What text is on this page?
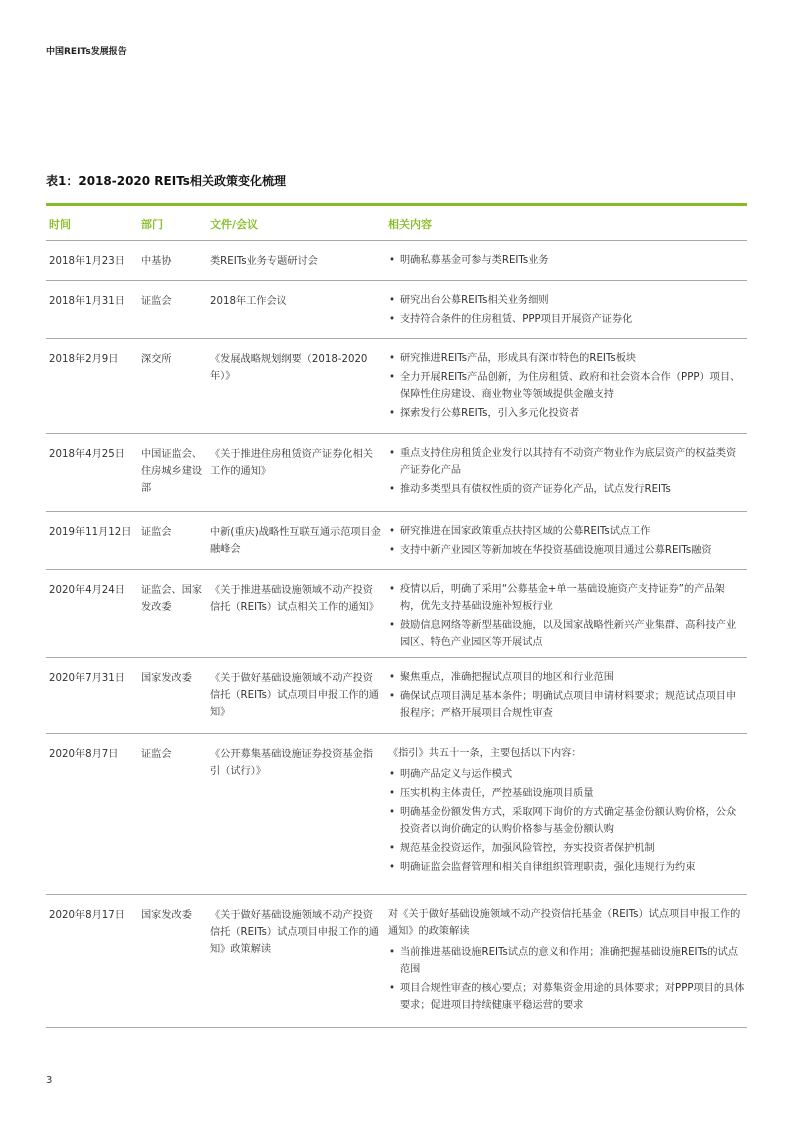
中国REITs发展报告
表1：2018-2020 REITs相关政策变化梳理
时间	部门	文件/会议	相关内容
2018年1月23日	中基协	类REITs业务专题研讨会	• 明确私募基金可参与类REITs业务
2018年1月31日	证监会	2018年工作会议	• 研究出台公募REITs相关业务细则
• 支持符合条件的住房租赁、PPP项目开展资产证券化
2018年2月9日	深交所	《发展战略规划纲要（2018-2020年）》
• 研究推进REITs产品，形成具有深市特色的REITs板块
• 全力开展REITs产品创新，为住房租赁、政府和社会资本合作（PPP）项目、保障性住房建设、商业物业等领域提供金融支持
• 探索发行公募REITs，引入多元化投资者
2018年4月25日	中国证监会、住房城乡建设部
《关于推进住房租赁资产证券化相关工作的通知》
• 重点支持住房租赁企业发行以其持有不动资产物业作为底层资产的权益类资产证券化产品
• 推动多类型具有债权性质的资产证券化产品，试点发行REITs
2019年11月12日 证监会	中新(重庆)战略性互联互通示范项目金融峰会
• 研究推进在国家政策重点扶持区域的公募REITs试点工作
• 支持中新产业园区等新加坡在华投资基础设施项目通过公募REITs融资
2020年4月24日	证监会、国家发改委
《关于推进基础设施领域不动产投资信托（REITs）试点相关工作的通知》
• 疫情以后，明确了采用“公募基金+单一基础设施资产支持证券”的产品架构，优先支持基础设施补短板行业
• 鼓励信息网络等新型基础设施，以及国家战略性新兴产业集群、高科技产业园区、特色产业园区等开展试点
2020年7月31日	国家发改委	《关于做好基础设施领域不动产投资信托（REITs）试点项目申报工作的通知》
• 聚焦重点，准确把握试点项目的地区和行业范围
• 确保试点项目满足基本条件；明确试点项目申请材料要求；规范试点项目申报程序；严格开展项目合规性审查
2020年8月7日	证监会	《公开募集基础设施证券投资基金指引（试行）》

《指引》共五十一条，主要包括以下内容：

• 明确产品定义与运作模式
• 压实机构主体责任，严控基础设施项目质量
• 明确基金份额发售方式，采取网下询价的方式确定基金份额认购价格，公众投资者以询价确定的认购价格参与基金份额认购
• 规范基金投资运作，加强风险管控，夯实投资者保护机制
• 明确证监会监督管理和相关自律组织管理职责，强化违规行为约束
2020年8月17日	国家发改委	《关于做好基础设施领域不动产投资信托（REITs）试点项目申报工作的通知》政策解读

对《关于做好基础设施领域不动产投资信托基金（REITs）试点项目申报工作的通知》的政策解读

• 当前推进基础设施REITs试点的意义和作用；准确把握基础设施REITs的试点范围
• 项目合规性审查的核心要点；对募集资金用途的具体要求；对PPP项目的具体要求；促进项目持续健康平稳运营的要求
3
